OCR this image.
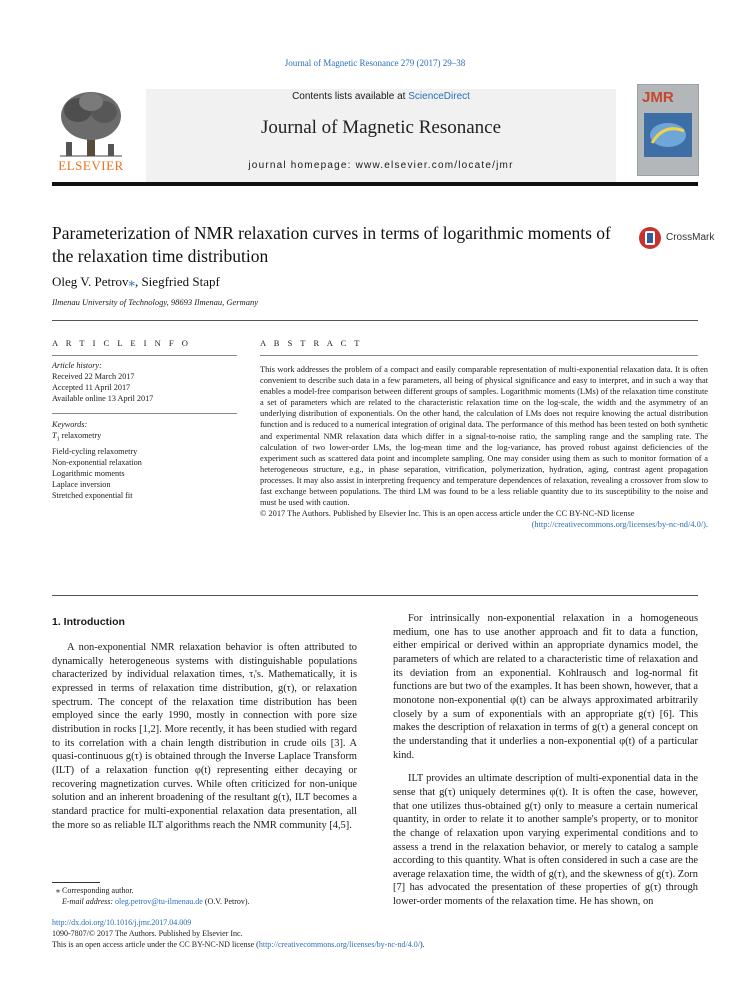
Journal of Magnetic Resonance 279 (2017) 29–38
ELSEVIER
Contents lists available at ScienceDirect
Journal of Magnetic Resonance
journal homepage: www.elsevier.com/locate/jmr
JMR
Parameterization of NMR relaxation curves in terms of logarithmic moments of the relaxation time distribution
CrossMark
Oleg V. Petrov⁎, Siegfried Stapf
Ilmenau University of Technology, 98693 Ilmenau, Germany
A R T I C L E I N F O
Article history:
Received 22 March 2017
Accepted 11 April 2017
Available online 13 April 2017
Keywords:
$T_1$ relaxometry
Field-cycling relaxometry
Non-exponential relaxation
Logarithmic moments
Laplace inversion
Stretched exponential fit
A B S T R A C T

This work addresses the problem of a compact and easily comparable representation of multi-exponential relaxation data. It is often convenient to describe such data in a few parameters, all being of physical significance and easy to interpret, and in such a way that enables a model-free comparison between different groups of samples. Logarithmic moments (LMs) of the relaxation time constitute a set of parameters which are related to the characteristic relaxation time on the log-scale, the width and the asymmetry of an underlying distribution of exponentials. On the other hand, the calculation of LMs does not require knowing the actual distribution function and is reduced to a numerical integration of original data. The performance of this method has been tested on both synthetic and experimental NMR relaxation data which differ in a signal-to-noise ratio, the sampling range and the sampling rate. The calculation of two lower-order LMs, the log-mean time and the log-variance, has proved robust against deficiencies of the experiment such as scattered data point and incomplete sampling. One may consider using them as such to monitor formation of a heterogeneous structure, e.g., in phase separation, vitrification, polymerization, hydration, aging, contrast agent propagation processes. It may also assist in interpreting frequency and temperature dependences of relaxation, revealing a crossover from slow to fast exchange between populations. The third LM was found to be a less reliable quantity due to its susceptibility to the noise and must be used with caution.

© 2017 The Authors. Published by Elsevier Inc. This is an open access article under the CC BY-NC-ND license

(http://creativecommons.org/licenses/by-nc-nd/4.0/).

1. Introduction

A non-exponential NMR relaxation behavior is often attributed to dynamically heterogeneous systems with distinguishable populations characterized by individual relaxation times, τᵢ's. Mathematically, it is expressed in terms of relaxation time distribution, g(τ), or relaxation spectrum. The concept of the relaxation time distribution has been employed since the early 1990, mostly in connection with pore size distribution in rocks [1,2]. More recently, it has been studied with regard to its correlation with a chain length distribution in crude oils [3]. A quasi-continuous g(τ) is obtained through the Inverse Laplace Transform (ILT) of a relaxation function φ(t) representing either decaying or recovering magnetization curves. While often criticized for non-unique solution and an inherent broadening of the resultant g(τ), ILT becomes a standard practice for multi-exponential relaxation data presentation, all the more so as reliable ILT algorithms reach the NMR community [4,5].

For intrinsically non-exponential relaxation in a homogeneous medium, one has to use another approach and fit to data a function, either empirical or derived within an appropriate dynamics model, the parameters of which are related to a characteristic time of relaxation and its deviation from an exponential. Kohlrausch and log-normal fit functions are but two of the examples. It has been shown, however, that a monotone non-exponential φ(t) can be always approximated arbitrarily closely by a sum of exponentials with an appropriate g(τ) [6]. This makes the description of relaxation in terms of g(τ) a general concept on the understanding that it underlies a non-exponential φ(t) of a particular kind.

ILT provides an ultimate description of multi-exponential data in the sense that g(τ) uniquely determines φ(t). It is often the case, however, that one utilizes thus-obtained g(τ) only to measure a certain numerical quantity, in order to relate it to another sample's property, or to monitor the change of relaxation upon varying experimental conditions and to assess a trend in the relaxation behavior, or merely to catalog a sample according to this quantity. What is often considered in such a case are the average relaxation time, the width of g(τ), and the skewness of g(τ). Zorn [7] has advocated the presentation of these properties of g(τ) through lower-order moments of the relaxation time. He has shown, on

⁎ Corresponding author.
E-mail address: oleg.petrov@tu-ilmenau.de (O.V. Petrov).
http://dx.doi.org/10.1016/j.jmr.2017.04.009
1090-7807/© 2017 The Authors. Published by Elsevier Inc.
This is an open access article under the CC BY-NC-ND license (http://creativecommons.org/licenses/by-nc-nd/4.0/).
